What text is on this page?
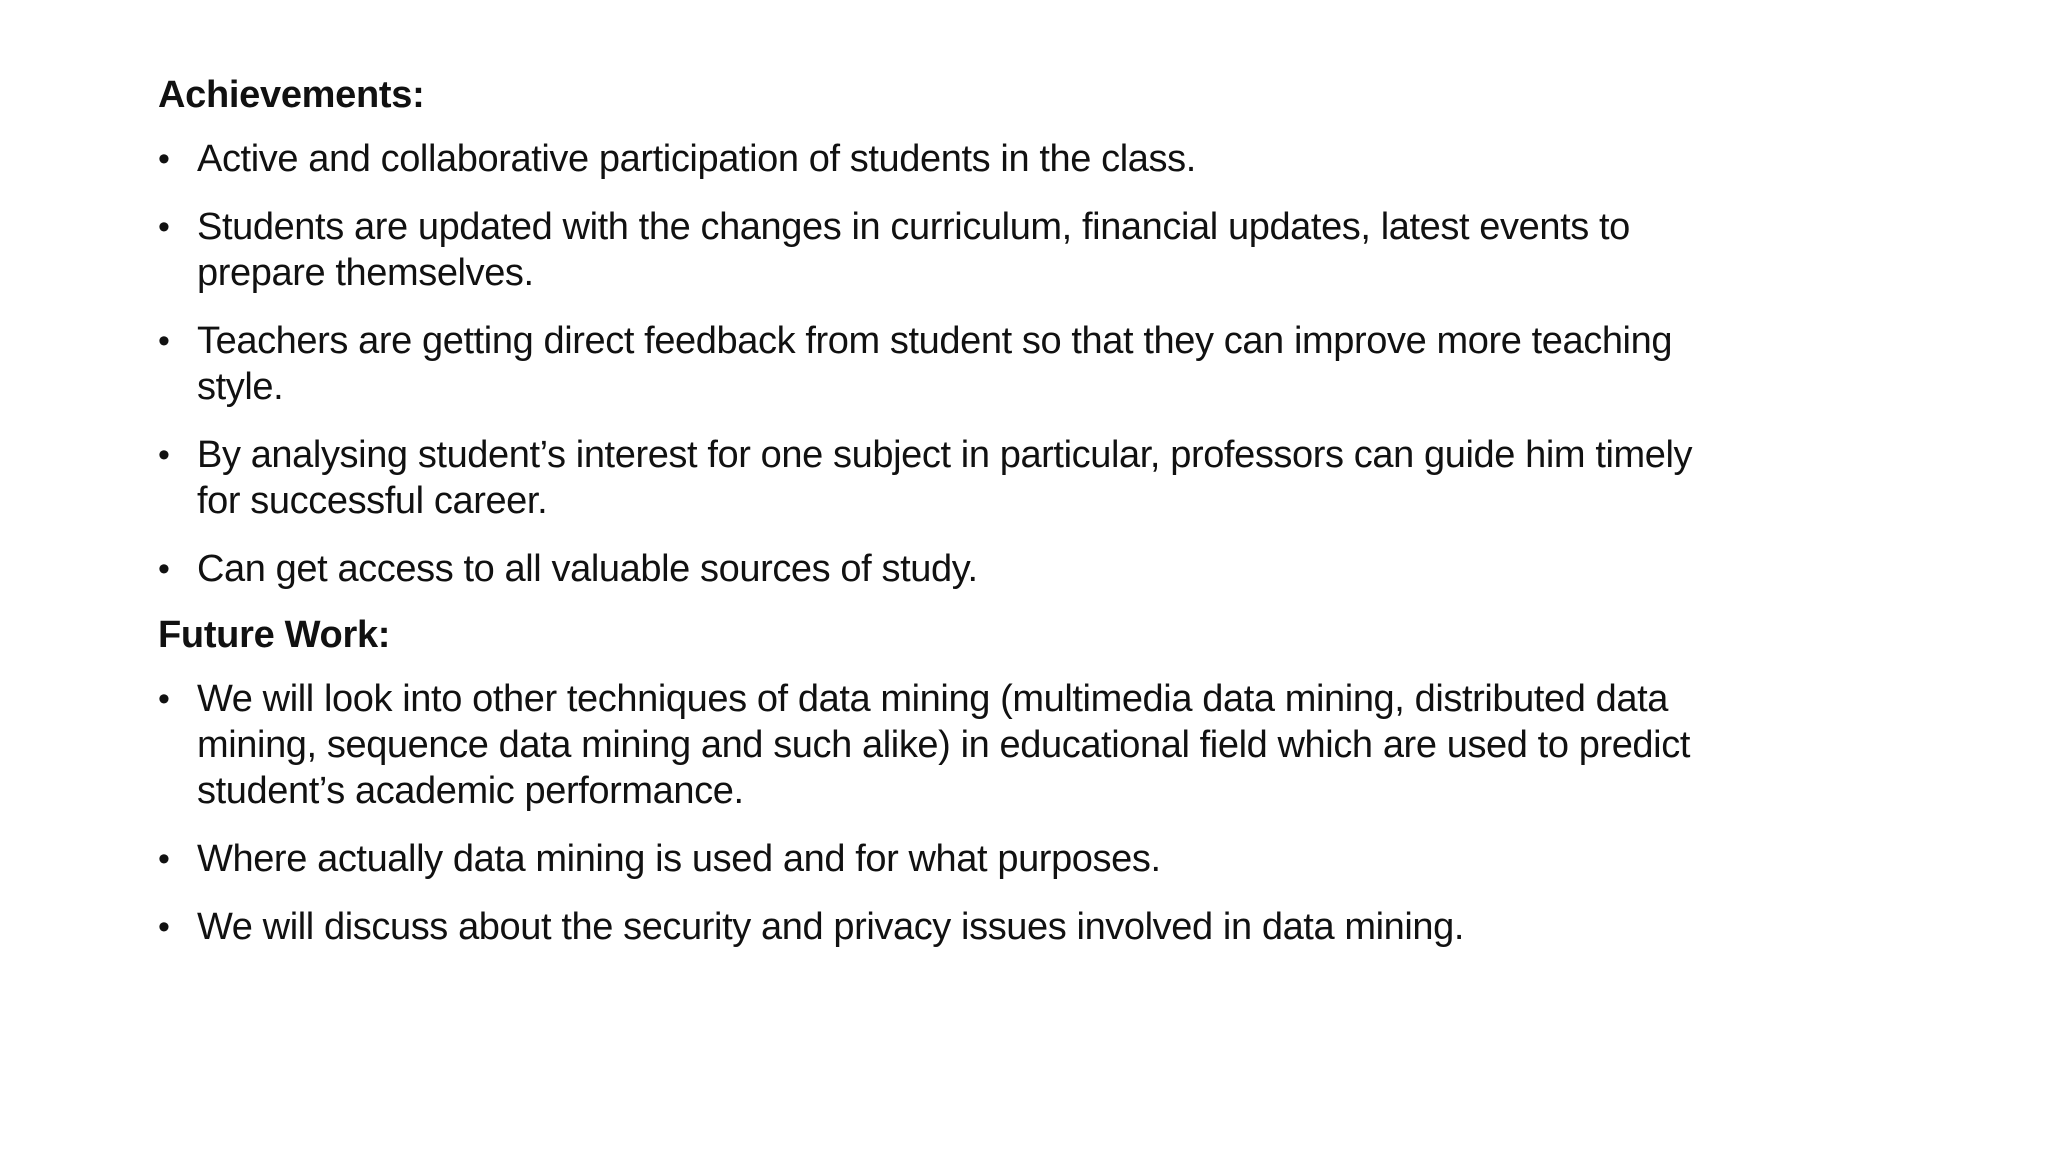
Achievements:
• Active and collaborative participation of students in the class.
• Students are updated with the changes in curriculum, financial updates, latest events to prepare themselves.
• Teachers are getting direct feedback from student so that they can improve more teaching style.
• By analysing student’s interest for one subject in particular, professors can guide him timely for successful career.
• Can get access to all valuable sources of study.
Future Work:
• We will look into other techniques of data mining (multimedia data mining, distributed data mining, sequence data mining and such alike) in educational field which are used to predict student’s academic performance.
• Where actually data mining is used and for what purposes.
• We will discuss about the security and privacy issues involved in data mining.
